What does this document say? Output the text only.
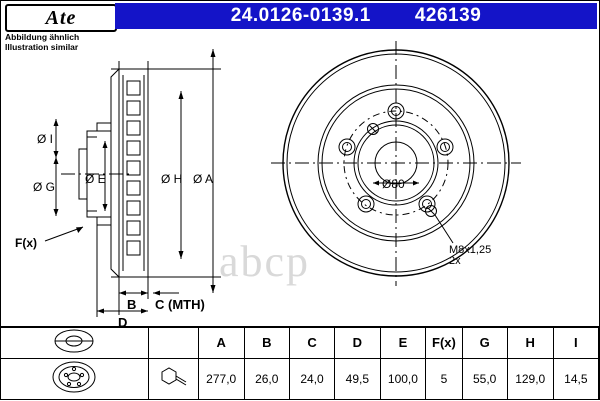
Ate	24.0126-0139.1 426139
Abbildung ähnlich
Illustration similar
Ø I
Ø G
Ø E	Ø H Ø A
F(x)
B C (MTH)
D
Ø80
M8x1,25
2x
abcp
		A	B	C	D	E	F(x)	G	H	I
		277,0	26,0	24,0	49,5	100,0	5	55,0	129,0	14,5
